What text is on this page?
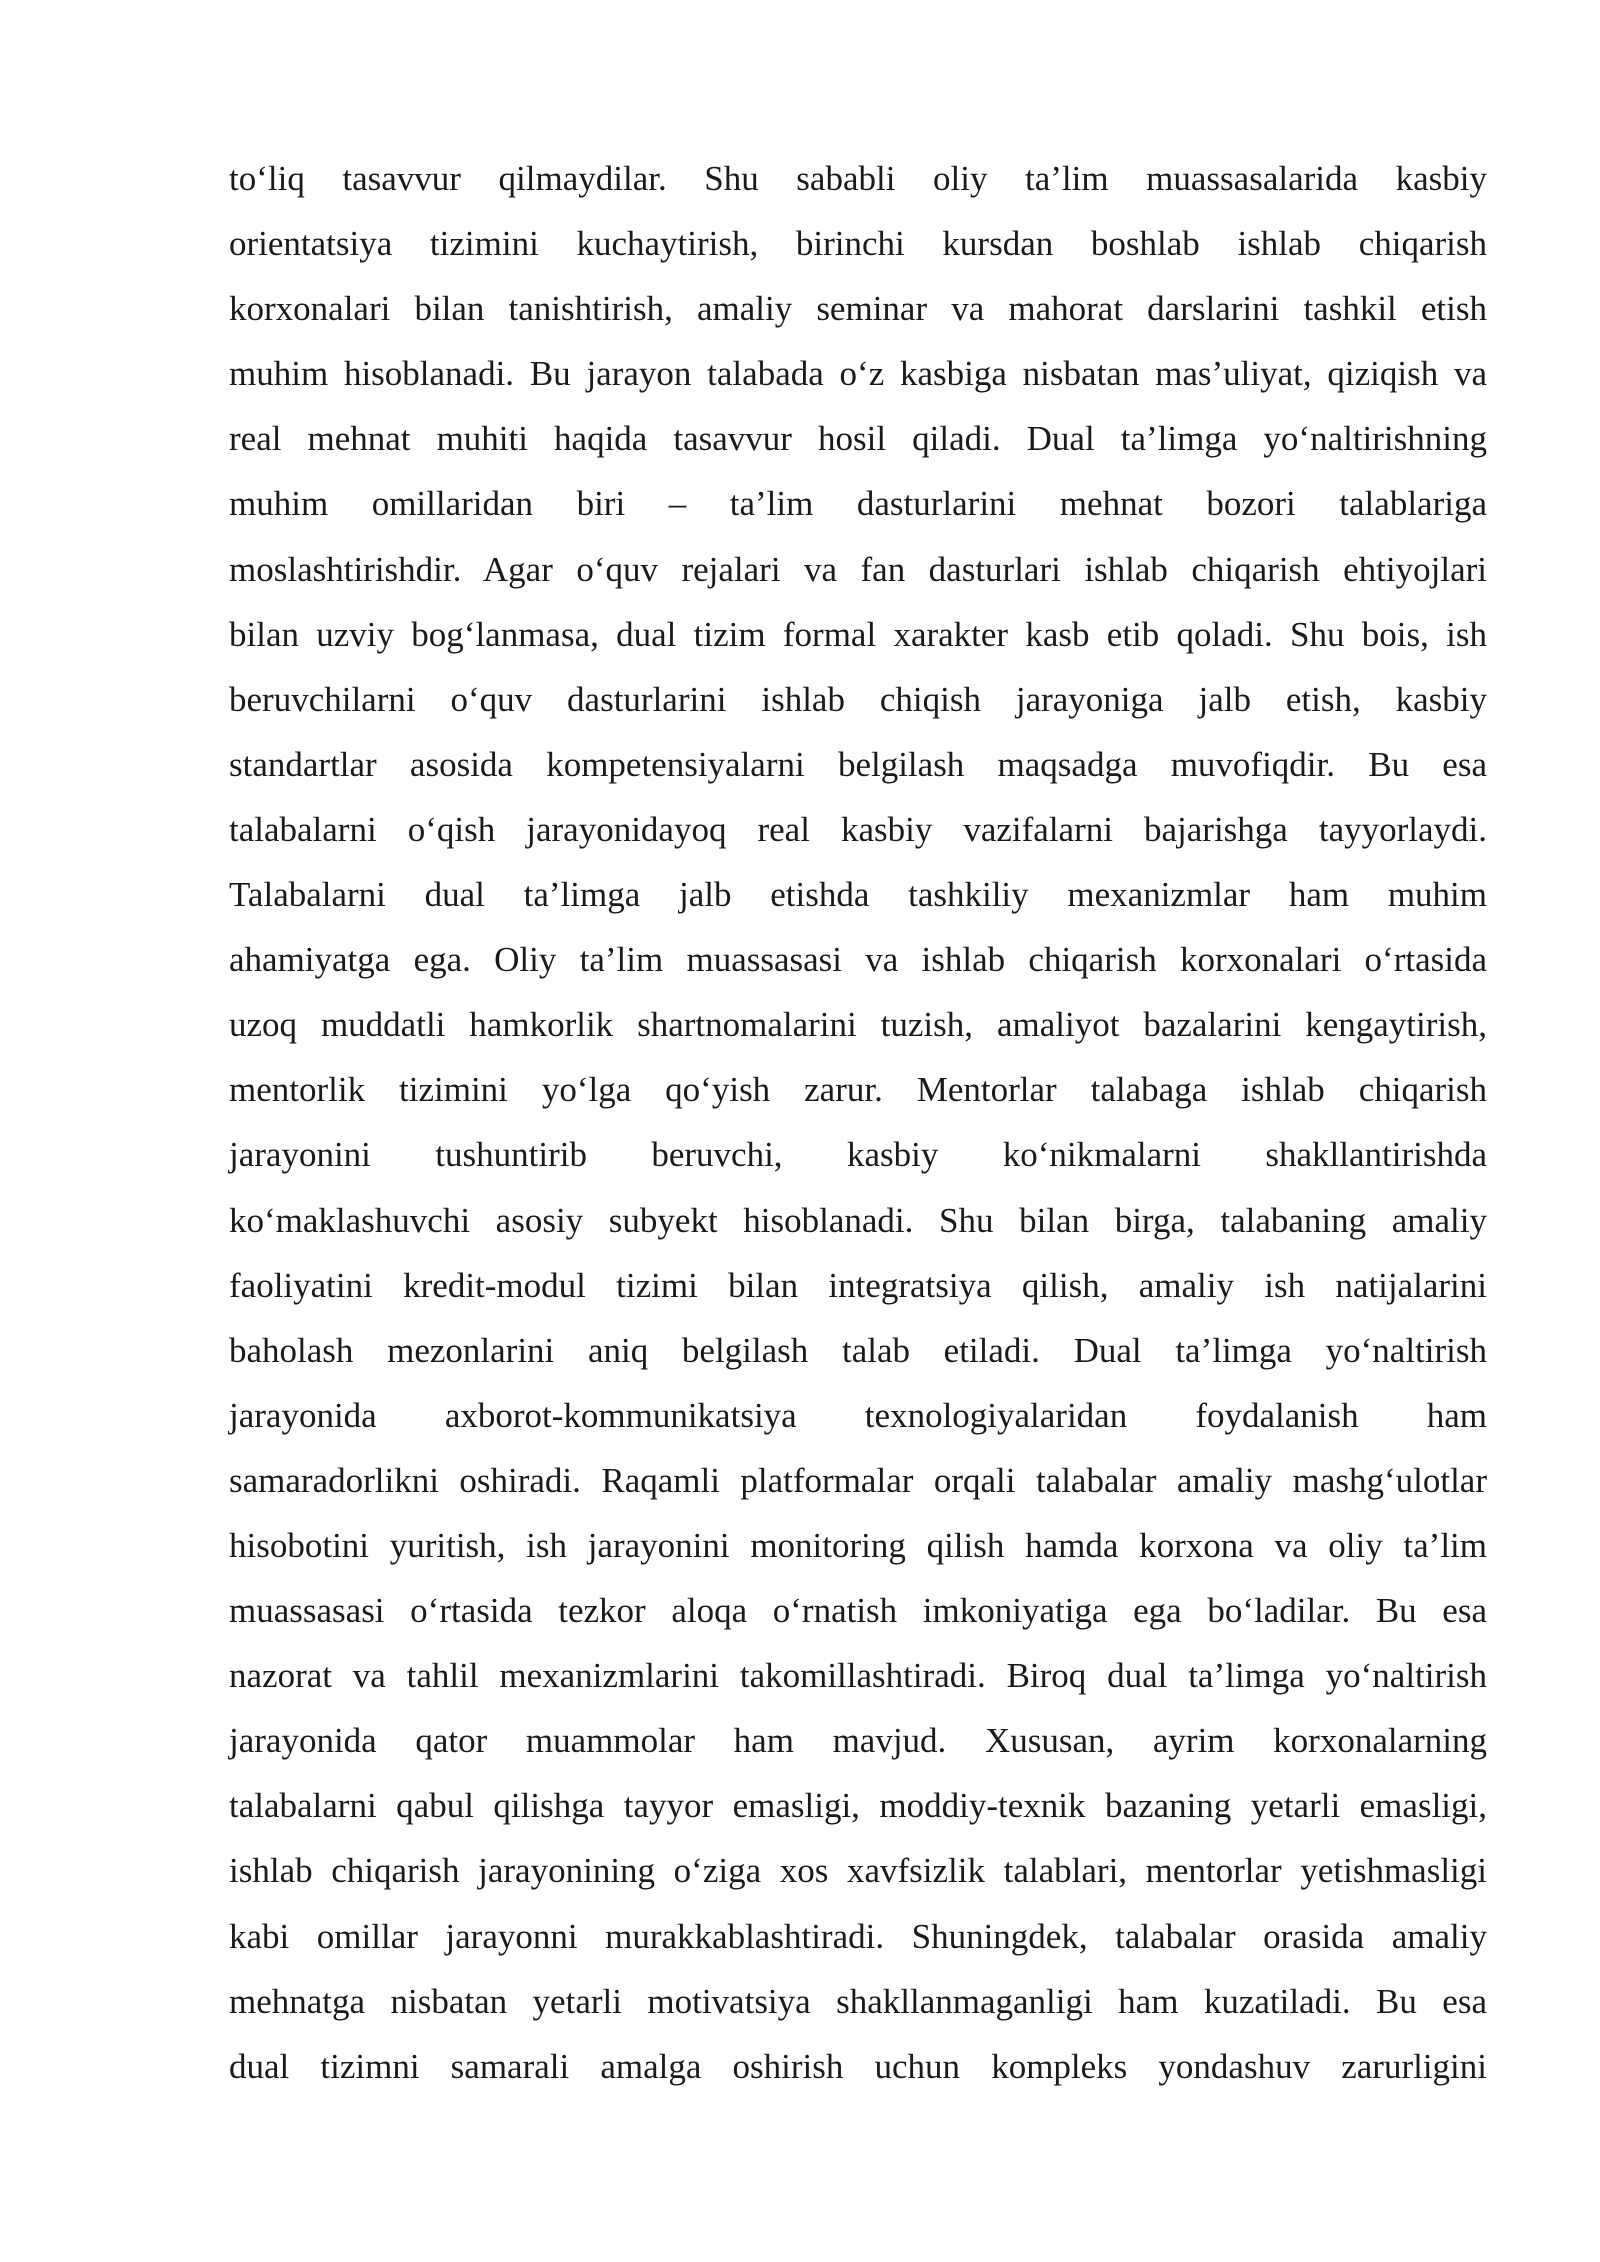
to‘liq tasavvur qilmaydilar. Shu sababli oliy ta’lim muassasalarida kasbiy
orientatsiya tizimini kuchaytirish, birinchi kursdan boshlab ishlab chiqarish
korxonalari bilan tanishtirish, amaliy seminar va mahorat darslarini tashkil etish
muhim hisoblanadi. Bu jarayon talabada o‘z kasbiga nisbatan mas’uliyat, qiziqish va
real mehnat muhiti haqida tasavvur hosil qiladi. Dual ta’limga yo‘naltirishning
muhim omillaridan biri – ta’lim dasturlarini mehnat bozori talablariga
moslashtirishdir. Agar o‘quv rejalari va fan dasturlari ishlab chiqarish ehtiyojlari
bilan uzviy bog‘lanmasa, dual tizim formal xarakter kasb etib qoladi. Shu bois, ish
beruvchilarni o‘quv dasturlarini ishlab chiqish jarayoniga jalb etish, kasbiy
standartlar asosida kompetensiyalarni belgilash maqsadga muvofiqdir. Bu esa
talabalarni o‘qish jarayonidayoq real kasbiy vazifalarni bajarishga tayyorlaydi.
Talabalarni dual ta’limga jalb etishda tashkiliy mexanizmlar ham muhim
ahamiyatga ega. Oliy ta’lim muassasasi va ishlab chiqarish korxonalari o‘rtasida
uzoq muddatli hamkorlik shartnomalarini tuzish, amaliyot bazalarini kengaytirish,
mentorlik tizimini yo‘lga qo‘yish zarur. Mentorlar talabaga ishlab chiqarish
jarayonini tushuntirib beruvchi, kasbiy ko‘nikmalarni shakllantirishda
ko‘maklashuvchi asosiy subyekt hisoblanadi. Shu bilan birga, talabaning amaliy
faoliyatini kredit-modul tizimi bilan integratsiya qilish, amaliy ish natijalarini
baholash mezonlarini aniq belgilash talab etiladi. Dual ta’limga yo‘naltirish
jarayonida axborot-kommunikatsiya texnologiyalaridan foydalanish ham
samaradorlikni oshiradi. Raqamli platformalar orqali talabalar amaliy mashg‘ulotlar
hisobotini yuritish, ish jarayonini monitoring qilish hamda korxona va oliy ta’lim
muassasasi o‘rtasida tezkor aloqa o‘rnatish imkoniyatiga ega bo‘ladilar. Bu esa
nazorat va tahlil mexanizmlarini takomillashtiradi. Biroq dual ta’limga yo‘naltirish
jarayonida qator muammolar ham mavjud. Xususan, ayrim korxonalarning
talabalarni qabul qilishga tayyor emasligi, moddiy-texnik bazaning yetarli emasligi,
ishlab chiqarish jarayonining o‘ziga xos xavfsizlik talablari, mentorlar yetishmasligi
kabi omillar jarayonni murakkablashtiradi. Shuningdek, talabalar orasida amaliy
mehnatga nisbatan yetarli motivatsiya shakllanmaganligi ham kuzatiladi. Bu esa
dual tizimni samarali amalga oshirish uchun kompleks yondashuv zarurligini
